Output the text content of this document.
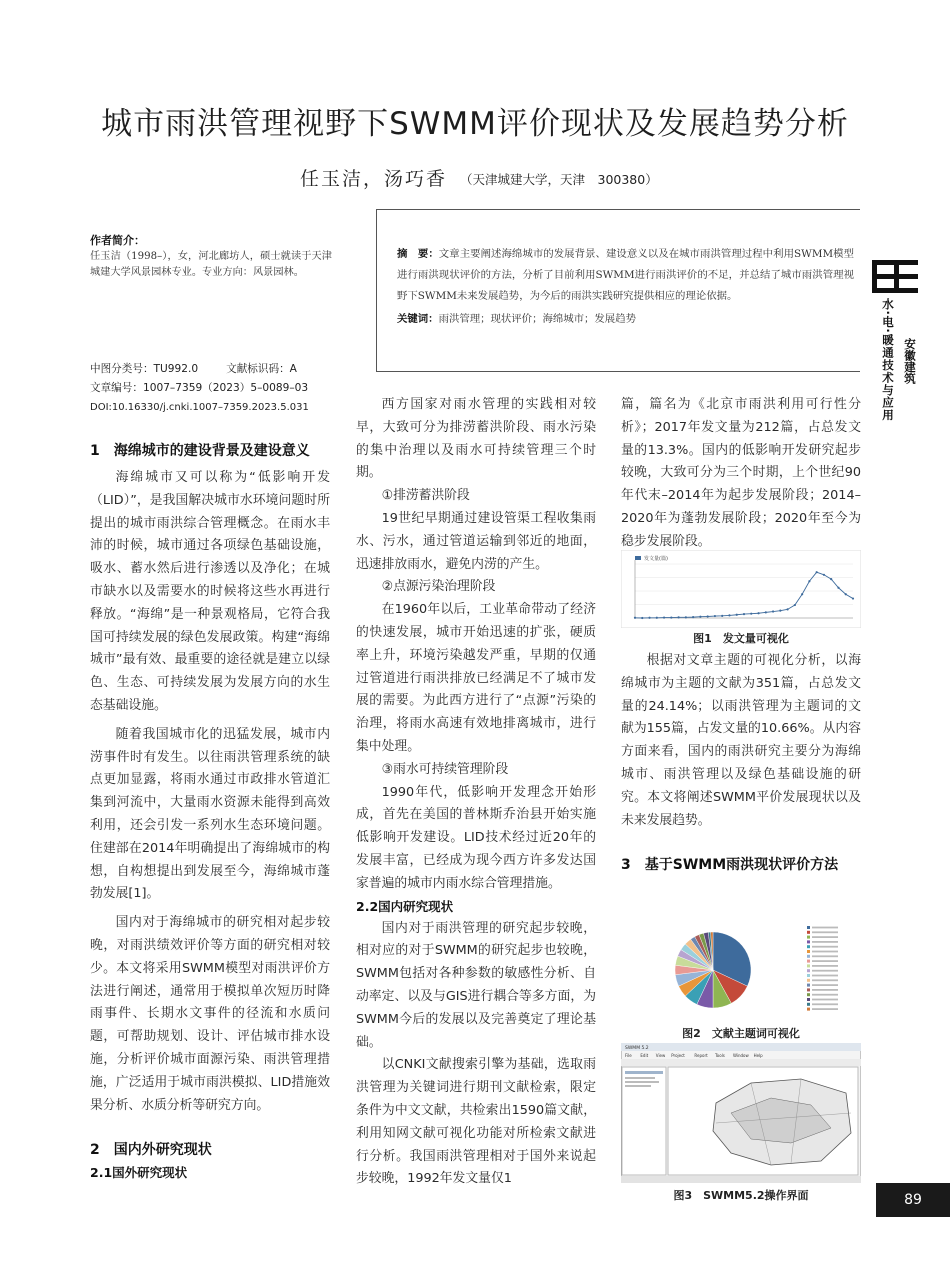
城市雨洪管理视野下SWMM评价现状及发展趋势分析
任玉洁，汤巧香 （天津城建大学，天津　300380）
摘　要：文章主要阐述海绵城市的发展背景、建设意义以及在城市雨洪管理过程中利用SWMM模型进行雨洪现状评价的方法，分析了目前利用SWMM进行雨洪评价的不足，并总结了城市雨洪管理视野下SWMM未来发展趋势，为今后的雨洪实践研究提供相应的理论依据。
关键词：雨洪管理；现状评价；海绵城市；发展趋势
作者简介：
任玉洁（1998–），女，河北廊坊人，硕士就读于天津城建大学风景园林专业。专业方向：风景园林。
中图分类号：TU992.0	文献标识码：A
文章编号：1007–7359（2023）5–0089–03
DOI:10.16330/j.cnki.1007–7359.2023.5.031	水·电·暖通技术与应用 安徽建筑
1　海绵城市的建设背景及建设意义

海绵城市又可以称为“低影响开发（LID）”，是我国解决城市水环境问题时所提出的城市雨洪综合管理概念。在雨水丰沛的时候，城市通过各项绿色基础设施，吸水、蓄水然后进行渗透以及净化；在城市缺水以及需要水的时候将这些水再进行释放。“海绵”是一种景观格局，它符合我国可持续发展的绿色发展政策。构建“海绵城市”最有效、最重要的途径就是建立以绿色、生态、可持续发展为发展方向的水生态基础设施。

随着我国城市化的迅猛发展，城市内涝事件时有发生。以往雨洪管理系统的缺点更加显露，将雨水通过市政排水管道汇集到河流中，大量雨水资源未能得到高效利用，还会引发一系列水生态环境问题。住建部在2014年明确提出了海绵城市的构想，自构想提出到发展至今，海绵城市蓬勃发展[1]。

国内对于海绵城市的研究相对起步较晚，对雨洪绩效评价等方面的研究相对较少。本文将采用SWMM模型对雨洪评价方法进行阐述，通常用于模拟单次短历时降雨事件、长期水文事件的径流和水质问题，可帮助规划、设计、评估城市排水设施，分析评价城市面源污染、雨洪管理措施，广泛适用于城市雨洪模拟、LID措施效果分析、水质分析等研究方向。

2　国内外研究现状
2.1国外研究现状

西方国家对雨水管理的实践相对较早，大致可分为排涝蓄洪阶段、雨水污染的集中治理以及雨水可持续管理三个时期。

①排涝蓄洪阶段

19世纪早期通过建设管渠工程收集雨水、污水，通过管道运输到邻近的地面，迅速排放雨水，避免内涝的产生。

②点源污染治理阶段

在1960年以后，工业革命带动了经济的快速发展，城市开始迅速的扩张，硬质率上升，环境污染越发严重，早期的仅通过管道进行雨洪排放已经满足不了城市发展的需要。为此西方进行了“点源”污染的治理，将雨水高速有效地排离城市，进行集中处理。

③雨水可持续管理阶段

1990年代，低影响开发理念开始形成，首先在美国的普林斯乔治县开始实施低影响开发建设。LID技术经过近20年的发展丰富，已经成为现今西方许多发达国家普遍的城市内雨水综合管理措施。

2.2国内研究现状

国内对于雨洪管理的研究起步较晚，相对应的对于SWMM的研究起步也较晚，SWMM包括对各种参数的敏感性分析、自动率定、以及与GIS进行耦合等多方面，为SWMM今后的发展以及完善奠定了理论基础。

以CNKI文献搜索引擎为基础，选取雨洪管理为关键词进行期刊文献检索，限定条件为中文文献，共检索出1590篇文献，利用知网文献可视化功能对所检索文献进行分析。我国雨洪管理相对于国外来说起步较晚，1992年发文量仅1

篇，篇名为《北京市雨洪利用可行性分析》；2017年发文量为212篇，占总发文量的13.3%。国内的低影响开发研究起步较晚，大致可分为三个时期，上个世纪90年代末–2014年为起步发展阶段；2014–2020年为蓬勃发展阶段；2020年至今为稳步发展阶段。

发文量(篇)
图1　发文量可视化

根据对文章主题的可视化分析，以海绵城市为主题的文献为351篇，占总发文量的24.14%；以雨洪管理为主题词的文献为155篇，占发文量的10.66%。从内容方面来看，国内的雨洪研究主要分为海绵城市、雨洪管理以及绿色基础设施的研究。本文将阐述SWMM平价发展现状以及未来发展趋势。

3　基于SWMM雨洪现状评价方法
图2　文献主题词可视化
SWMM 5.2
File Edit View Project Report Tools Window Help
图3　SWMM5.2操作界面	89
